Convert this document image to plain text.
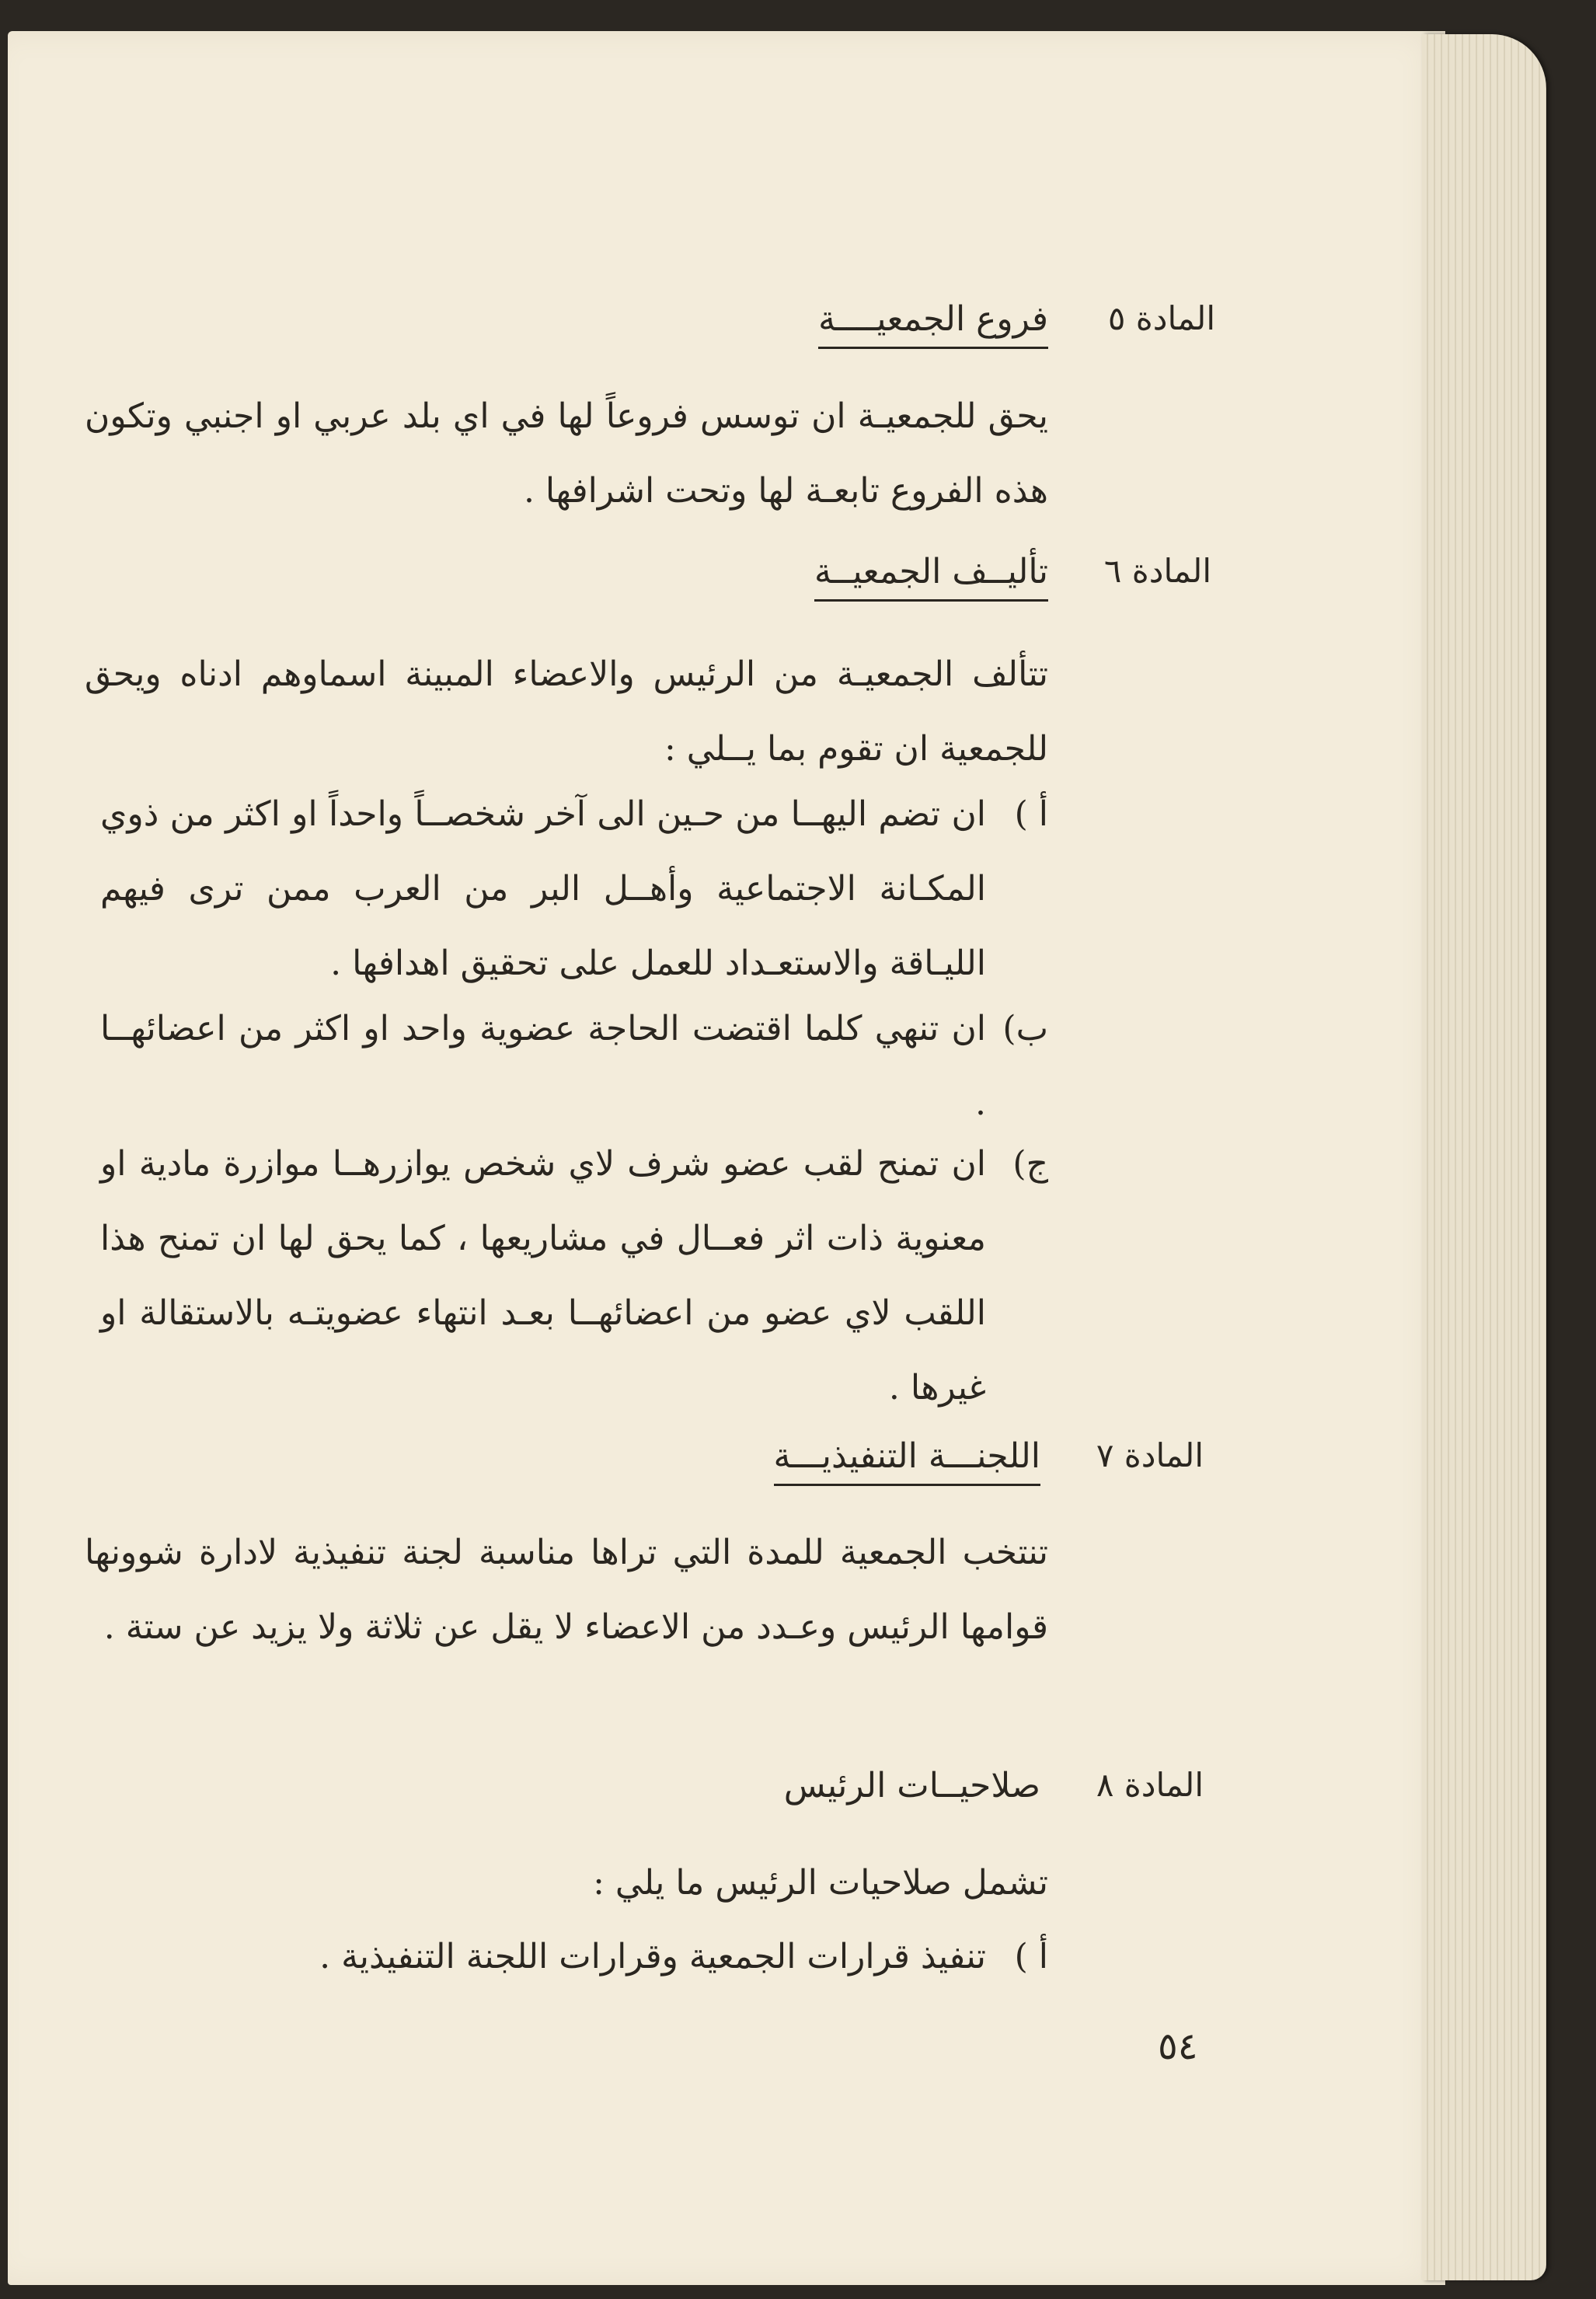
المادة ٥
فروع الجمعيــــة
يحق للجمعيـة ان توسس فروعاً لها في اي بلد عربي او اجنبي وتكون هذه الفروع تابعـة لها وتحت اشرافها .
المادة ٦
تأليــف الجمعيــة
تتألف الجمعيـة من الرئيس والاعضاء المبينة اسماوهم ادناه ويحق للجمعية ان تقوم بما يــلي :
أ )ان تضم اليهــا من حـين الى آخر شخصــاً واحداً او اكثر من ذوي المكـانة الاجتماعية وأهــل البر من العرب ممن ترى فيهم الليـاقة والاستعـداد للعمل على تحقيق اهدافها .
ب)ان تنهي كلما اقتضت الحاجة عضوية واحد او اكثر من اعضائهــا .
ج)ان تمنح لقب عضو شرف لاي شخص يوازرهــا موازرة مادية او معنوية ذات اثر فعــال في مشاريعها ، كما يحق لها ان تمنح هذا اللقب لاي عضو من اعضائهــا بعـد انتهاء عضويتـه بالاستقالة او غيرها .
المادة ٧
اللجنـــة التنفيذيـــة
تنتخب الجمعية للمدة التي تراها مناسبة لجنة تنفيذية لادارة شوونها قوامها الرئيس وعـدد من الاعضاء لا يقل عن ثلاثة ولا يزيد عن ستة .
المادة ٨
صلاحيــات الرئيس
تشمل صلاحيات الرئيس ما يلي :
أ )تنفيذ قرارات الجمعية وقرارات اللجنة التنفيذية .
٥٤
